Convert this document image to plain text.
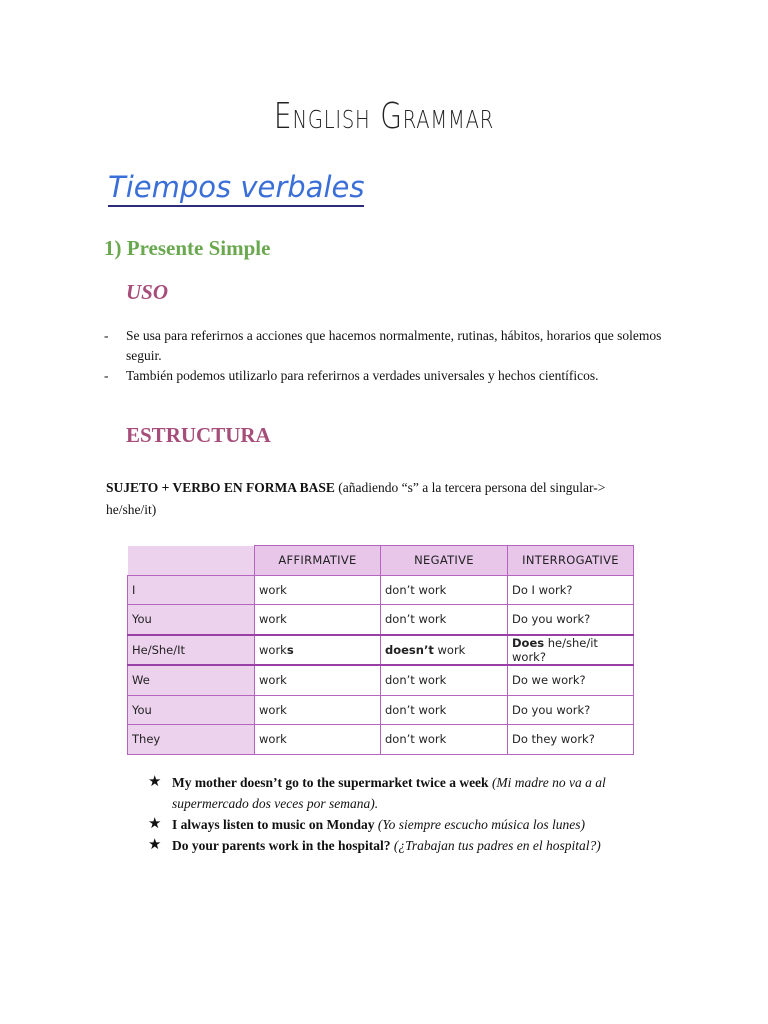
English Grammar
Tiempos verbales
1) Presente Simple
USO
- Se usa para referirnos a acciones que hacemos normalmente, rutinas, hábitos, horarios que solemos seguir.
- También podemos utilizarlo para referirnos a verdades universales y hechos científicos.
ESTRUCTURA
SUJETO + VERBO EN FORMA BASE (añadiendo “s” a la tercera persona del singular-> he/she/it)
	AFFIRMATIVE	NEGATIVE	INTERROGATIVE
I	work	don’t work	Do I work?
You	work	don’t work	Do you work?
He/She/It	works	doesn’t work	Does he/she/it work?
We	work	don’t work	Do we work?
You	work	don’t work	Do you work?
They	work	don’t work	Do they work?
★ My mother doesn’t go to the supermarket twice a week (Mi madre no va a al supermercado dos veces por semana).
★ I always listen to music on Monday (Yo siempre escucho música los lunes)
★ Do your parents work in the hospital? (¿Trabajan tus padres en el hospital?)
